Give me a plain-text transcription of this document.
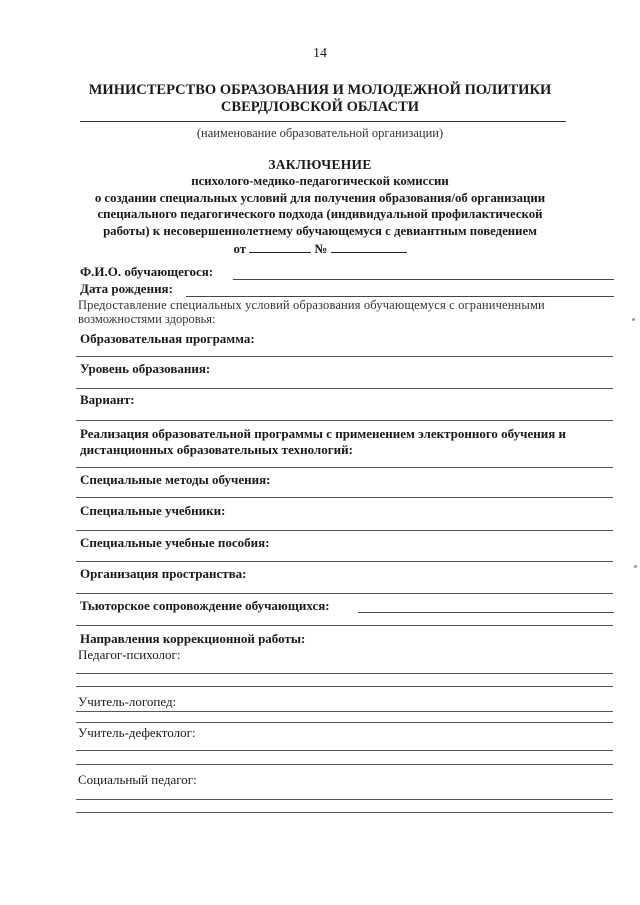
14
МИНИСТЕРСТВО ОБРАЗОВАНИЯ И МОЛОДЕЖНОЙ ПОЛИТИКИ
СВЕРДЛОВСКОЙ ОБЛАСТИ
(наименование образовательной организации)
ЗАКЛЮЧЕНИЕ
психолого-медико-педагогической комиссии
о создании специальных условий для получения образования/об организации
специального педагогического подхода (индивидуальной профилактической
работы) к несовершеннолетнему обучающемуся с девиантным поведением
от	№
Ф.И.О. обучающегося:
Дата рождения:
Предоставление специальных условий образования обучающемуся с ограниченными
возможностями здоровья:
Образовательная программа:
Уровень образования:
Вариант:
Реализация образовательной программы с применением электронного обучения и
дистанционных образовательных технологий:
Специальные методы обучения:
Специальные учебники:
Специальные учебные пособия:
Организация пространства:
Тьюторское сопровождение обучающихся:
Направления коррекционной работы:
Педагог-психолог:
Учитель-логопед:
Учитель-дефектолог:
Социальный педагог:
